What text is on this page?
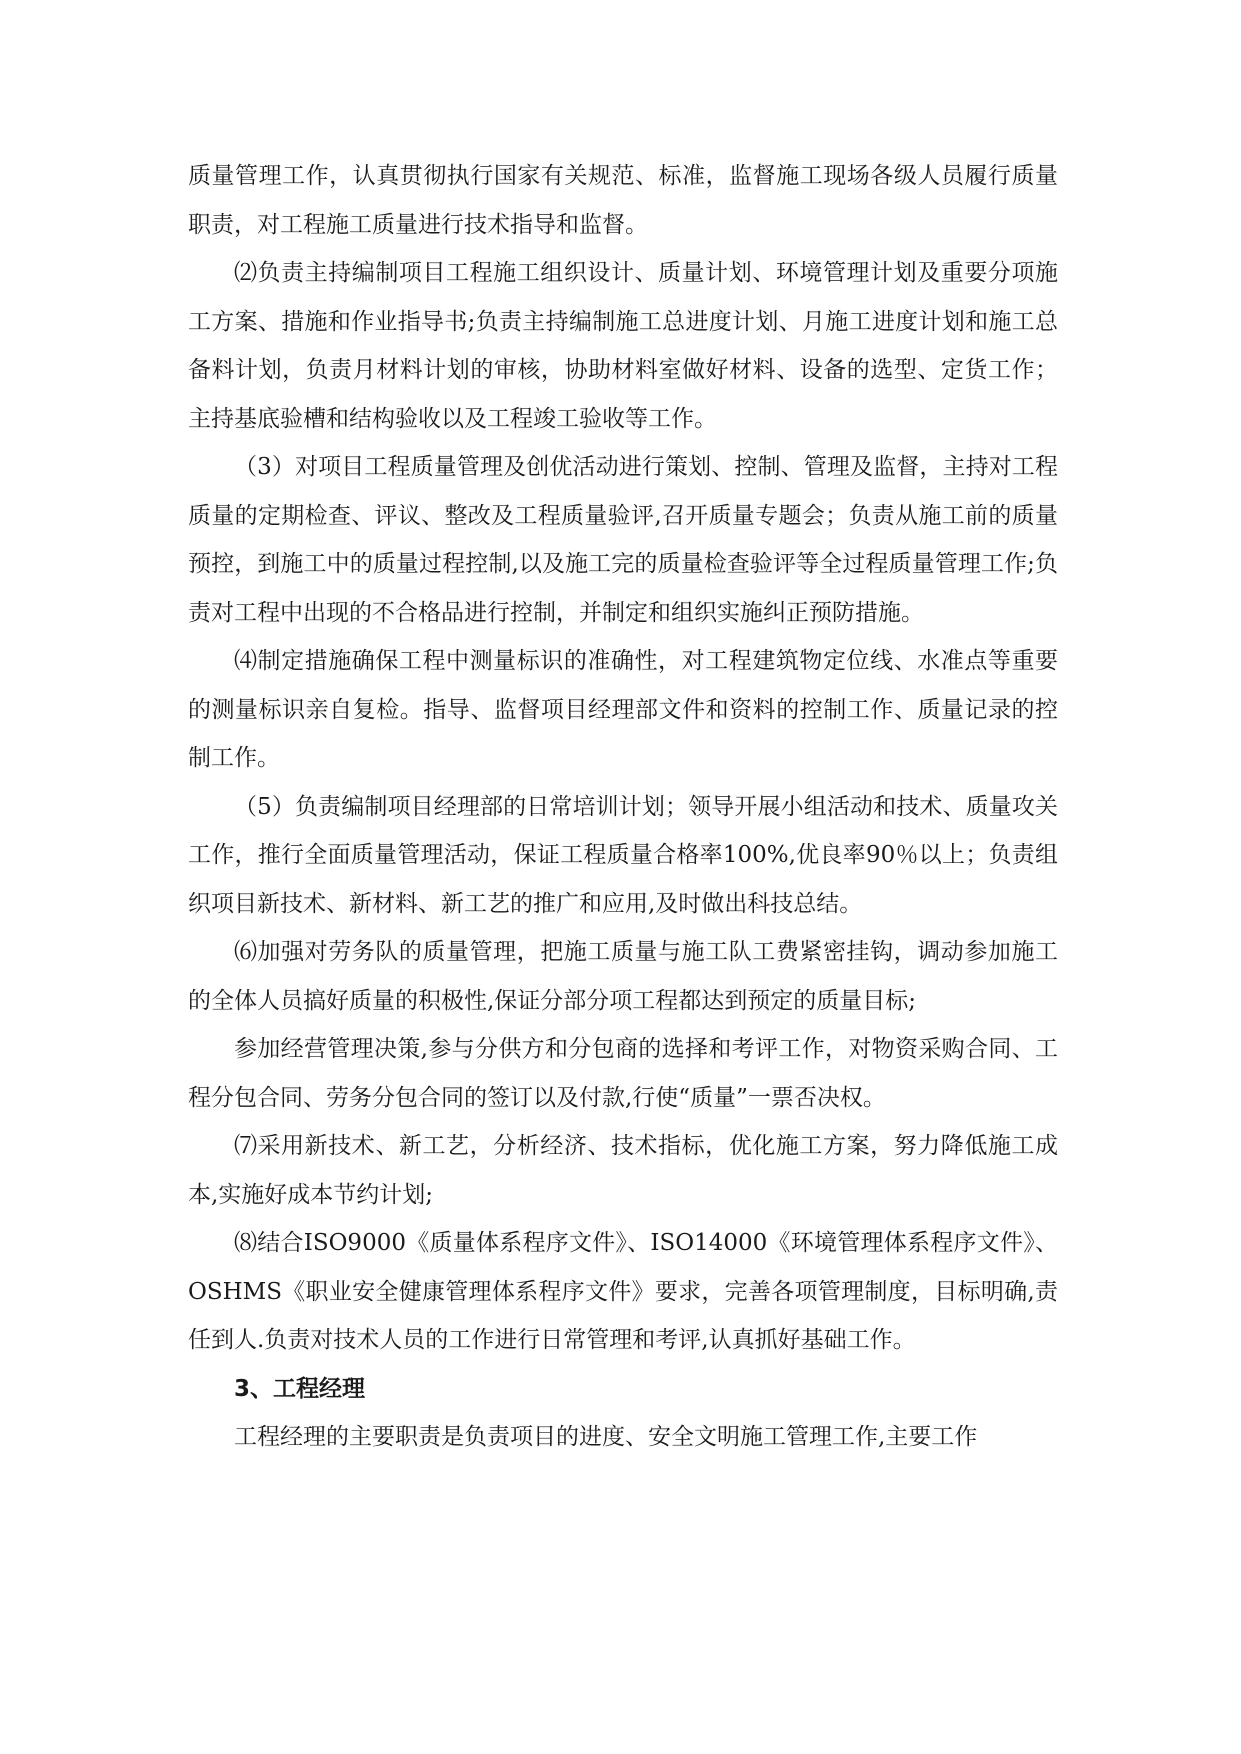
质量管理工作，认真贯彻执行国家有关规范、标准，监督施工现场各级人员履行质量职责，对工程施工质量进行技术指导和监督。

⑵负责主持编制项目工程施工组织设计、质量计划、环境管理计划及重要分项施工方案、措施和作业指导书;负责主持编制施工总进度计划、月施工进度计划和施工总备料计划，负责月材料计划的审核，协助材料室做好材料、设备的选型、定货工作；主持基底验槽和结构验收以及工程竣工验收等工作。

（3）对项目工程质量管理及创优活动进行策划、控制、管理及监督，主持对工程质量的定期检查、评议、整改及工程质量验评,召开质量专题会；负责从施工前的质量预控，到施工中的质量过程控制,以及施工完的质量检查验评等全过程质量管理工作;负责对工程中出现的不合格品进行控制，并制定和组织实施纠正预防措施。

⑷制定措施确保工程中测量标识的准确性，对工程建筑物定位线、水准点等重要的测量标识亲自复检。指导、监督项目经理部文件和资料的控制工作、质量记录的控制工作。

（5）负责编制项目经理部的日常培训计划；领导开展小组活动和技术、质量攻关工作，推行全面质量管理活动，保证工程质量合格率100%,优良率90％以上；负责组织项目新技术、新材料、新工艺的推广和应用,及时做出科技总结。

⑹加强对劳务队的质量管理，把施工质量与施工队工费紧密挂钩，调动参加施工的全体人员搞好质量的积极性,保证分部分项工程都达到预定的质量目标;

参加经营管理决策,参与分供方和分包商的选择和考评工作，对物资采购合同、工程分包合同、劳务分包合同的签订以及付款,行使“质量”一票否决权。

⑺采用新技术、新工艺，分析经济、技术指标，优化施工方案，努力降低施工成本,实施好成本节约计划;

⑻结合ISO9000《质量体系程序文件》、ISO14000《环境管理体系程序文件》、OSHMS《职业安全健康管理体系程序文件》要求，完善各项管理制度，目标明确,责任到人.负责对技术人员的工作进行日常管理和考评,认真抓好基础工作。

3、工程经理

工程经理的主要职责是负责项目的进度、安全文明施工管理工作,主要工作
